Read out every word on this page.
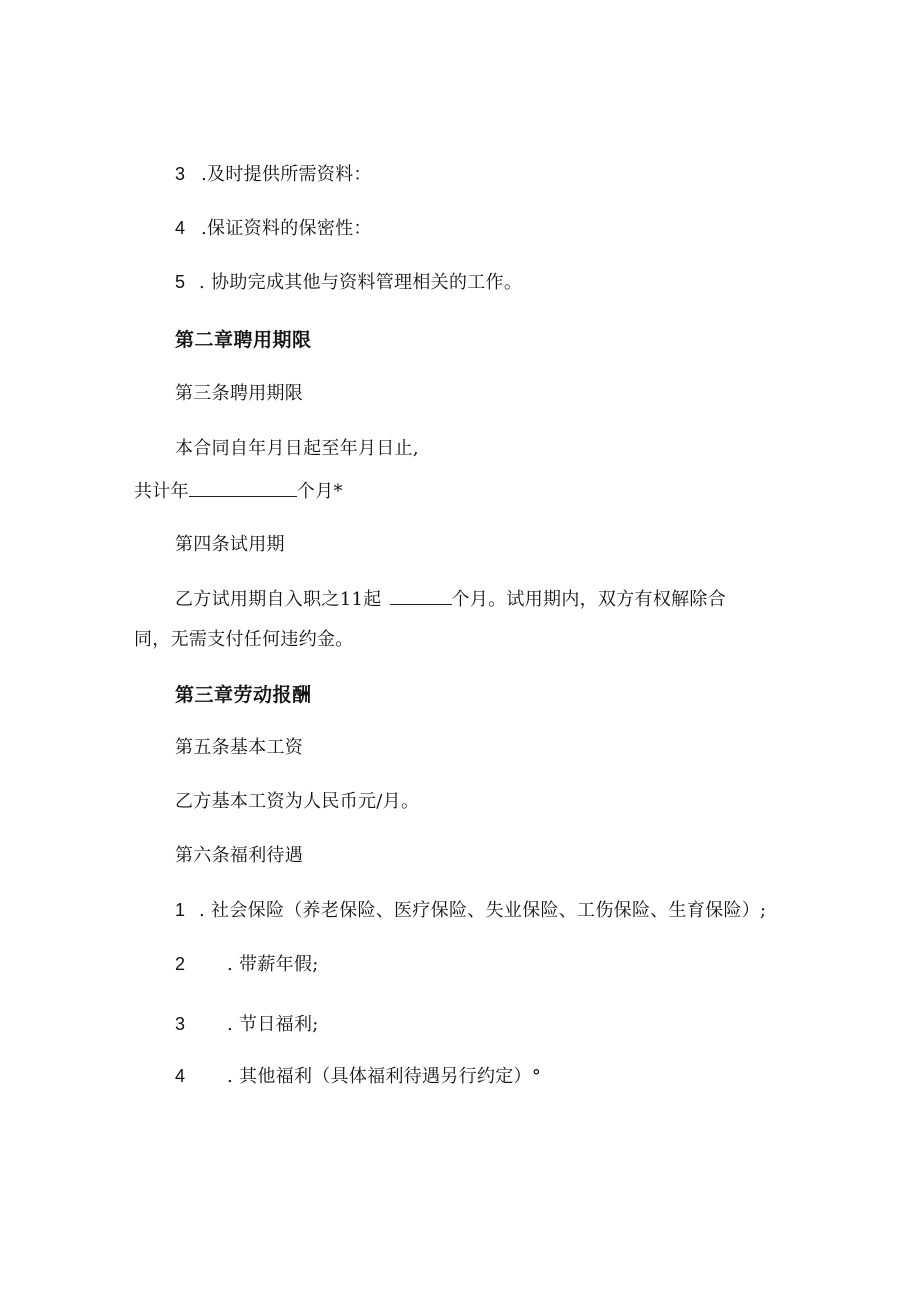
3 .及时提供所需资料：
4 .保证资料的保密性：
5 . 协助完成其他与资料管理相关的工作。
第二章聘用期限
第三条聘用期限
本合同自年月日起至年月日止,
共计年	个月*
第四条试用期
乙方试用期自入职之11起	个月。试用期内，双方有权解除合
同，无需支付任何违约金。
第三章劳动报酬
第五条基本工资
乙方基本工资为人民币元/月。
第六条福利待遇
1 . 社会保险（养老保险、医疗保险、失业保险、工伤保险、生育保险）;
2 . 带薪年假;
3 . 节日福利;
4 . 其他福利（具体福利待遇另行约定）°
